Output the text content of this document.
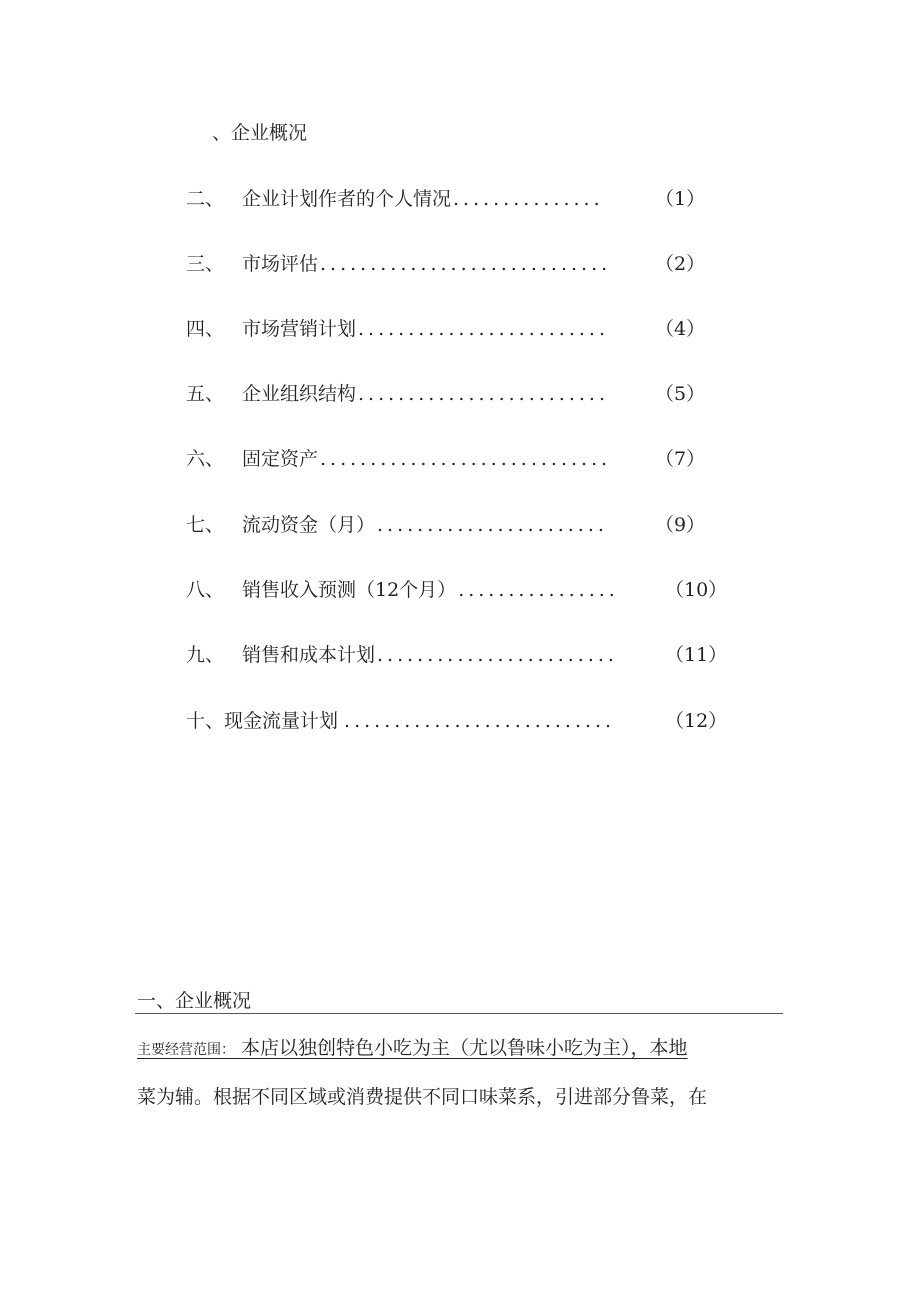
、企业概况
二、 企业计划作者的个人情况 ...............	（1）
三、 市场评估 ............................. （2）
四、 市场营销计划 ......................... （4）
五、 企业组织结构 ......................... （5）
六、 固定资产 ............................. （7）
七、 流动资金（月） ....................... （9）
八、 销售收入预测（12个月） ................ （10）
九、 销售和成本计划 ........................ （11）
十、 现金流量计划 ...........................	（12）
一、企业概况
主要经营范围： 本店以独创特色小吃为主（尤以鲁味小吃为主），本地
菜为辅。根据不同区域或消费提供不同口味菜系，引进部分鲁菜，在
